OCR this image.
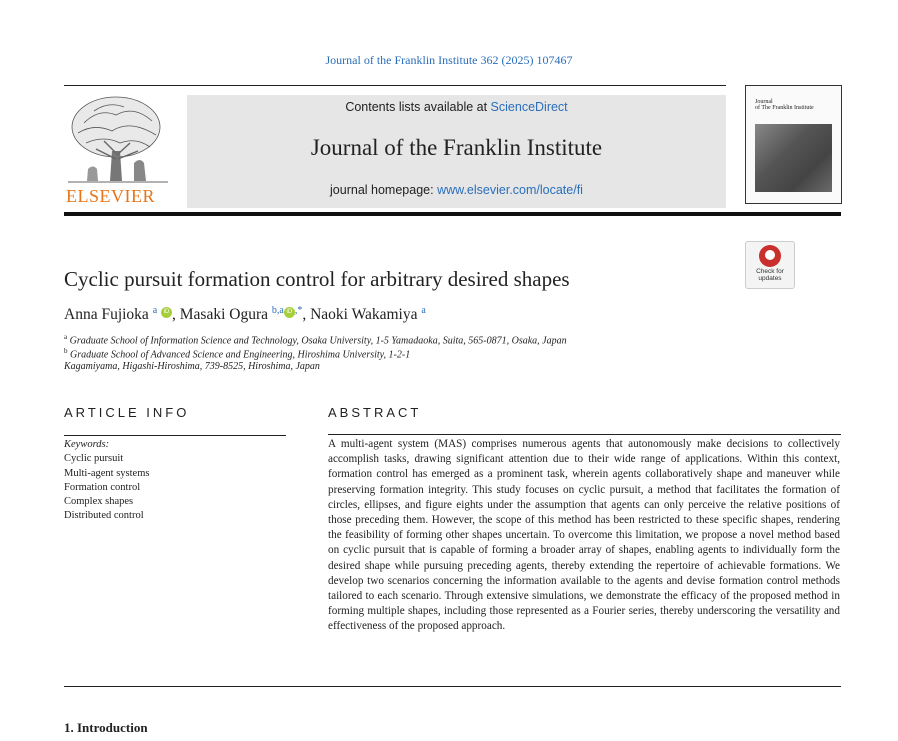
Journal of the Franklin Institute 362 (2025) 107467
ELSEVIER
Contents lists available at ScienceDirect
Journal of the Franklin Institute
journal homepage: www.elsevier.com/locate/fi
Journal
of The Franklin Institute
Check for
updates
Cyclic pursuit formation control for arbitrary desired shapes
Anna Fujioka $^a$ iD , Masaki Ogura $^{b,a}$ iD ,*, Naoki Wakamiya $^a$
$^a$ Graduate School of Information Science and Technology, Osaka University, 1-5 Yamadaoka, Suita, 565-0871, Osaka, Japan
$^b$ Graduate School of Advanced Science and Engineering, Hiroshima University, 1-2-1
Kagamiyama, Higashi-Hiroshima, 739-8525, Hiroshima, Japan
ARTICLE INFO	ABSTRACT
Keywords:
Cyclic pursuit
Multi-agent systems
Formation control
Complex shapes
Distributed control
A multi-agent system (MAS) comprises numerous agents that autonomously make decisions to collectively accomplish tasks, drawing significant attention due to their wide range of applications. Within this context, formation control has emerged as a prominent task, wherein agents collaboratively shape and maneuver while preserving formation integrity. This study focuses on cyclic pursuit, a method that facilitates the formation of circles, ellipses, and figure eights under the assumption that agents can only perceive the relative positions of those preceding them. However, the scope of this method has been restricted to these specific shapes, rendering the feasibility of forming other shapes uncertain. To overcome this limitation, we propose a novel method based on cyclic pursuit that is capable of forming a broader array of shapes, enabling agents to individually form the desired shape while pursuing preceding agents, thereby extending the repertoire of achievable formations. We develop two scenarios concerning the information available to the agents and devise formation control methods tailored to each scenario. Through extensive simulations, we demonstrate the efficacy of the proposed method in forming multiple shapes, including those represented as a Fourier series, thereby underscoring the versatility and effectiveness of the proposed approach.
1. Introduction
